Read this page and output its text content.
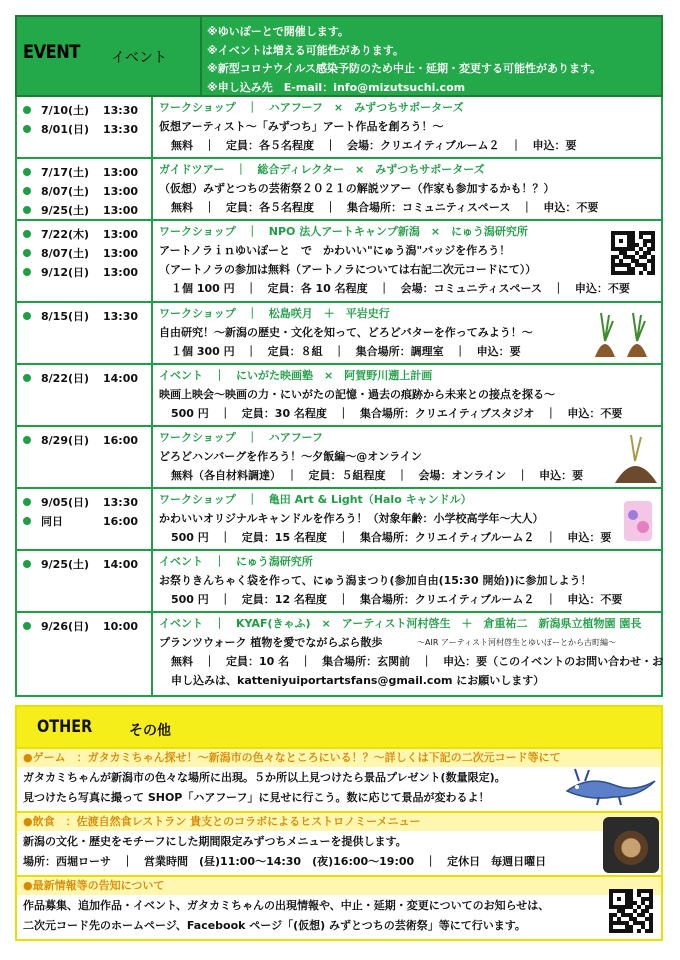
EVENT イベント
※ゆいぽーとで開催します。
※イベントは増える可能性があります。
※新型コロナウイルス感染予防のため中止・延期・変更する可能性があります。
※申し込み先　E-mail：info@mizutsuchi.com
7/10(土)	13:30
8/01(日)	13:30
ワークショップ　｜　ハアフーフ　×　みずつちサポーターズ
仮想アーティスト～「みずつち」アート作品を創ろう！～
無料　｜　定員：各５名程度　｜　会場：クリエイティブルーム２　｜　申込：要
7/17(土)	13:00
8/07(土)	13:00
9/25(土)	13:00
ガイドツアー　｜　総合ディレクター　×　みずつちサポーターズ
（仮想）みずとつちの芸術祭２０２１の解説ツアー（作家も参加するかも！？）
無料　｜　定員：各５名程度　｜　集合場所：コミュニティスペース　｜　申込：不要
7/22(木)	13:00
8/07(土)	13:00
9/12(日)	13:00
ワークショップ　｜　NPO 法人アートキャンプ新潟　×　にゅう潟研究所
アートノラｉｎゆいぽーと　で　かわいい"にゅう潟"バッジを作ろう！
（アートノラの参加は無料（アートノラについては右記二次元コードにて））
１個 100 円　｜　定員：各 10 名程度　｜　会場：コミュニティスペース　｜　申込：不要
8/15(日)	13:30 ワークショップ　｜　松島咲月　＋　平岩史行
自由研究！～新潟の歴史・文化を知って、どろどバターを作ってみよう！～
１個 300 円　｜　定員：８組　｜　集合場所：調理室　｜　申込：要
8/22(日)	14:00 イベント　｜　にいがた映画塾　×　阿賀野川遡上計画
映画上映会～映画の力・にいがたの記憶・過去の痕跡から未来との接点を探る～
500 円　｜　定員：30 名程度　｜　集合場所：クリエイティブスタジオ　｜　申込：不要
8/29(日)	16:00 ワークショップ　｜　ハアフーフ
どろどハンバーグを作ろう！～夕飯編～@オンライン
無料（各自材料調達）　｜　定員：５組程度　｜　会場：オンライン　｜　申込：要
9/05(日)	13:30
同日	16:00
ワークショップ　｜　亀田 Art & Light（Halo キャンドル）
かわいいオリジナルキャンドルを作ろう！（対象年齢：小学校高学年～大人）
500 円　｜　定員：15 名程度　｜　集合場所：クリエイティブルーム２　｜　申込：要
9/25(土)	14:00 イベント　｜　にゅう潟研究所
お祭りきんちゃく袋を作って、にゅう潟まつり(参加自由(15:30 開始))に参加しよう！
500 円　｜　定員：12 名程度　｜　集合場所：クリエイティブルーム２　｜　申込：不要
9/26(日)	10:00 イベント　｜　KYAF(きゃふ)　×　アーティスト河村啓生　＋　倉重祐二　新潟県立植物園 園長
プランツウォーク 植物を愛でながらぶら散歩	～AIR アーティスト河村啓生とゆいぽーとから古町編～
無料　｜　定員：10 名　｜　集合場所：玄関前　｜　申込：要（このイベントのお問い合わせ・お
申し込みは、katteniyuiportartsfans@gmail.com にお願いします）
OTHER	その他
●ゲーム　：ガタカミちゃん探せ！～新潟市の色々なところにいる！？～詳しくは下記の二次元コード等にて
ガタカミちゃんが新潟市の色々な場所に出現。５か所以上見つけたら景品プレゼント(数量限定)。
見つけたら写真に撮って SHOP「ハアフーフ」に見せに行こう。数に応じて景品が変わるよ！
●飲食　：佐渡自然食レストラン 貴支とのコラボによるヒストロノミーメニュー
新潟の文化・歴史をモチーフにした期間限定みずつちメニューを提供します。
場所：西堀ローサ　｜　営業時間　(昼)11:00～14:30　(夜)16:00～19:00　｜　定休日　毎週日曜日
●最新情報等の告知について
作品募集、追加作品・イベント、ガタカミちゃんの出現情報や、中止・延期・変更についてのお知らせは、
二次元コード先のホームページ、Facebook ページ「(仮想) みずとつちの芸術祭」等にて行います。
